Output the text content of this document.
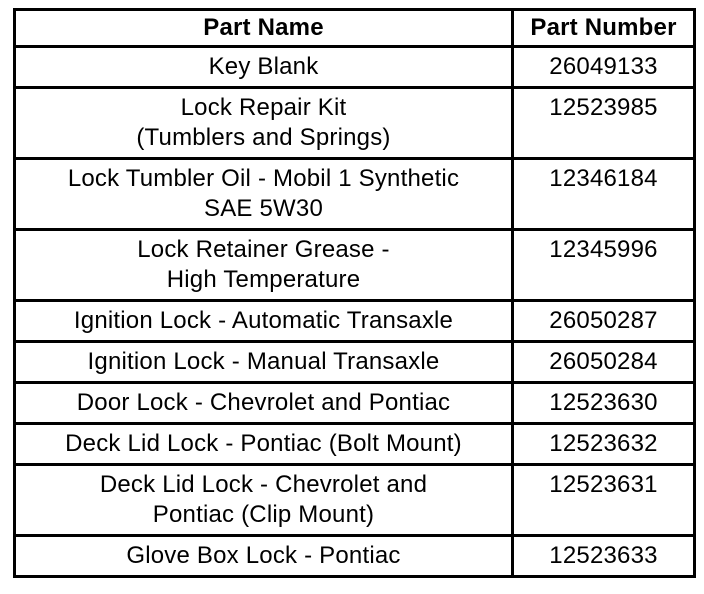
Part Name	Part Number

Key Blank	26049133

Lock Repair Kit
(Tumblers and Springs)	12523985

Lock Tumbler Oil - Mobil 1 Synthetic
SAE 5W30	12346184

Lock Retainer Grease -
High Temperature	12345996

Ignition Lock - Automatic Transaxle	26050287

Ignition Lock - Manual Transaxle	26050284

Door Lock - Chevrolet and Pontiac	12523630

Deck Lid Lock - Pontiac (Bolt Mount)	12523632

Deck Lid Lock - Chevrolet and
Pontiac (Clip Mount)	12523631

Glove Box Lock - Pontiac	12523633
